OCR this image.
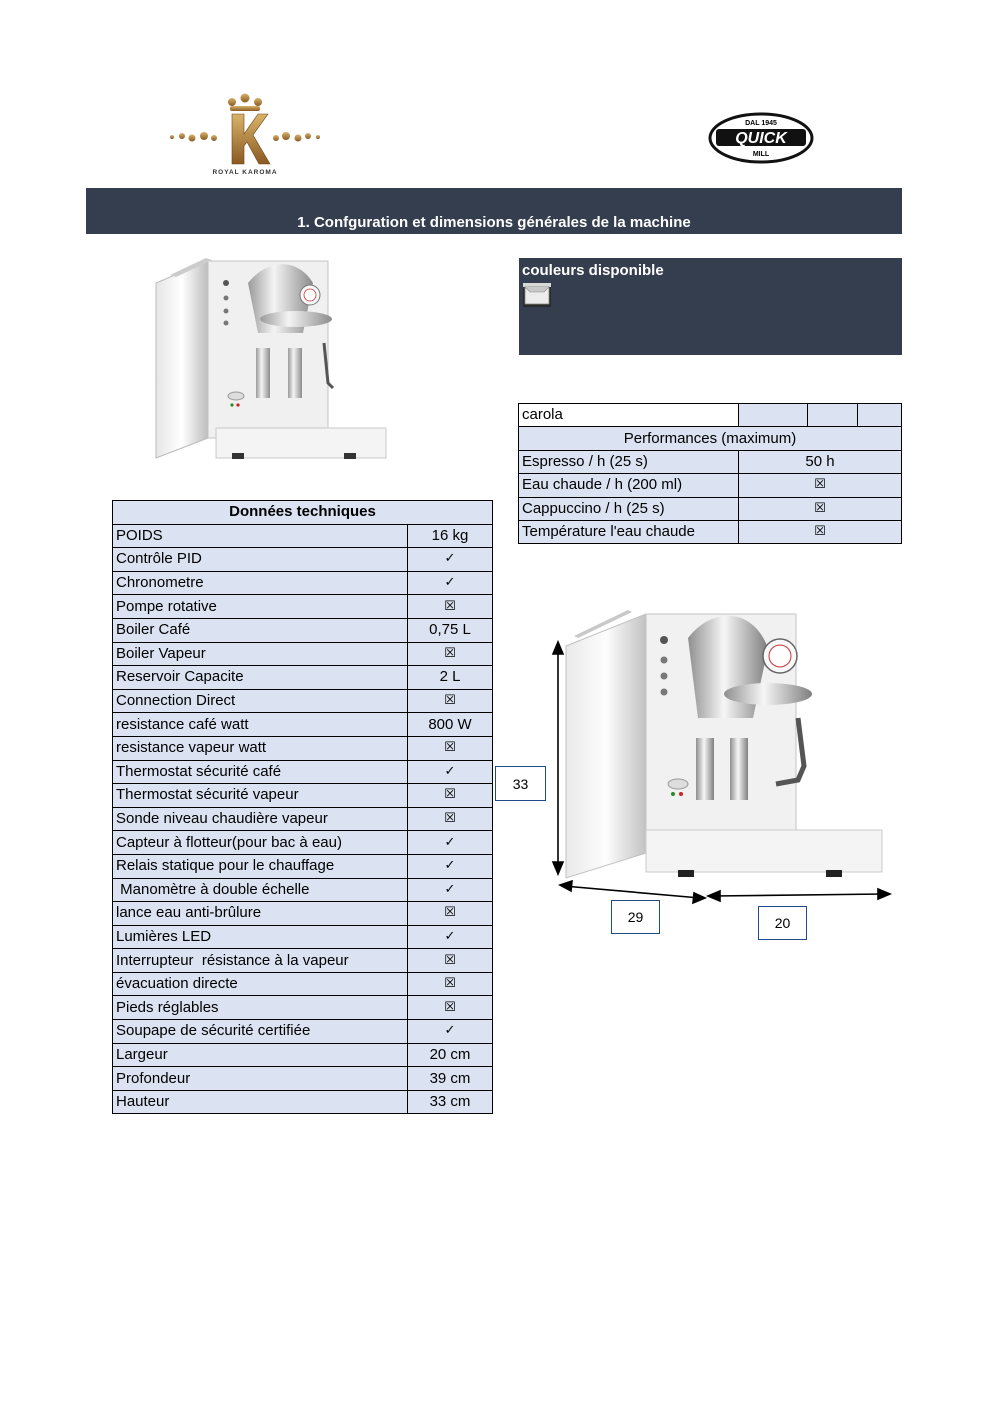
ROYAL KAROMA
DAL 1945
QUICK
MILL
1. Confguration et dimensions générales de la machine
couleurs disponible
carola			
Performances (maximum)			
Espresso / h (25 s)	50 h		
Eau chaude / h (200 ml)	☒		
Cappuccino / h (25 s)	☒		
Température l'eau chaude	☒		
Données techniques	
POIDS	16 kg
Contrôle PID	✓
Chronometre	✓
Pompe rotative	☒
Boiler Café	0,75 L
Boiler Vapeur	☒
Reservoir Capacite	2 L
Connection Direct	☒
resistance café watt	800 W
resistance vapeur watt	☒
Thermostat sécurité café	✓
Thermostat sécurité vapeur	☒
Sonde niveau chaudière vapeur	☒
Capteur à flotteur(pour bac à eau)	✓
Relais statique pour le chauffage	✓
Manomètre à double échelle	✓
lance eau anti-brûlure	☒
Lumières LED	✓
Interrupteur  résistance à la vapeur	☒
évacuation directe	☒
Pieds réglables	☒
Soupape de sécurité certifiée	✓
Largeur	20 cm
Profondeur	39 cm
Hauteur	33 cm
33
29	20
